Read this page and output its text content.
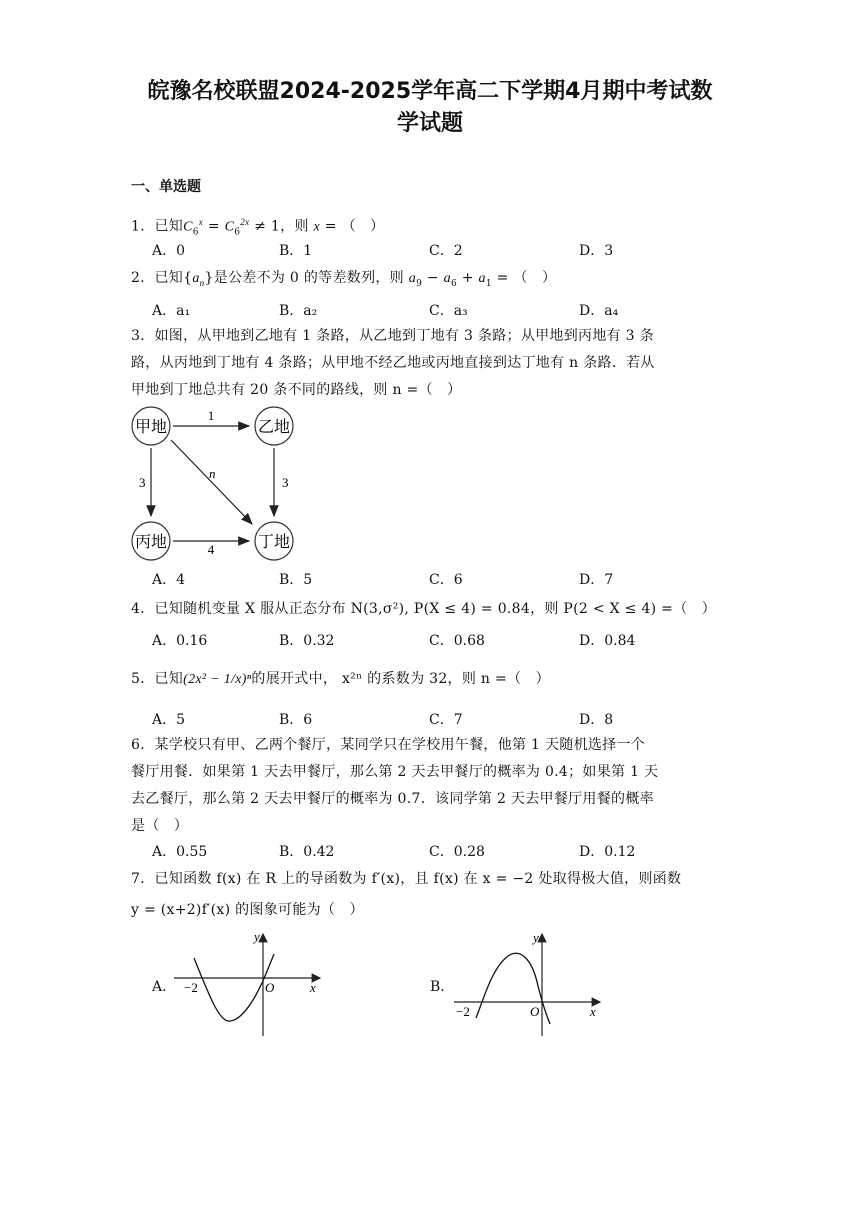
皖豫名校联盟2024-2025学年高二下学期4月期中考试数
学试题
一、单选题
1．已知$C_6^x = C_6^{2x} \ne 1$，则 x = （　）
A．0	B．1	C．2	D．3
2．已知$\{a_n\}$是公差不为 0 的等差数列，则 $a_9 - a_6 + a_1$ = （　）
A．a₁	B．a₂	C．a₃	D．a₄
3．如图，从甲地到乙地有 1 条路，从乙地到丁地有 3 条路；从甲地到丙地有 3 条
路，从丙地到丁地有 4 条路；从甲地不经乙地或丙地直接到达丁地有 n 条路．若从
甲地到丁地总共有 20 条不同的路线，则 n =（　）
甲地	乙地
丙地	丁地
1
3
3
4
n
A．4	B．5	C．6	D．7
4．已知随机变量 X 服从正态分布 N(3,σ²), P(X ≤ 4) = 0.84，则 P(2 < X ≤ 4) =（　）
A．0.16	B．0.32	C．0.68	D．0.84
5．已知(2x² − 1/x)ⁿ的展开式中， x²ⁿ 的系数为 32，则 n =（　）
A．5	B．6	C．7	D．8
6．某学校只有甲、乙两个餐厅，某同学只在学校用午餐，他第 1 天随机选择一个
餐厅用餐．如果第 1 天去甲餐厅，那么第 2 天去甲餐厅的概率为 0.4；如果第 1 天
去乙餐厅，那么第 2 天去甲餐厅的概率为 0.7．该同学第 2 天去甲餐厅用餐的概率
是（　）
A．0.55	B．0.42	C．0.28	D．0.12
7．已知函数 f(x) 在 R 上的导函数为 f′(x)，且 f(x) 在 x = −2 处取得极大值，则函数
y = (x+2)f′(x) 的图象可能为（　）
A．
y
x
O
−2	B．
y
x
O
−2
